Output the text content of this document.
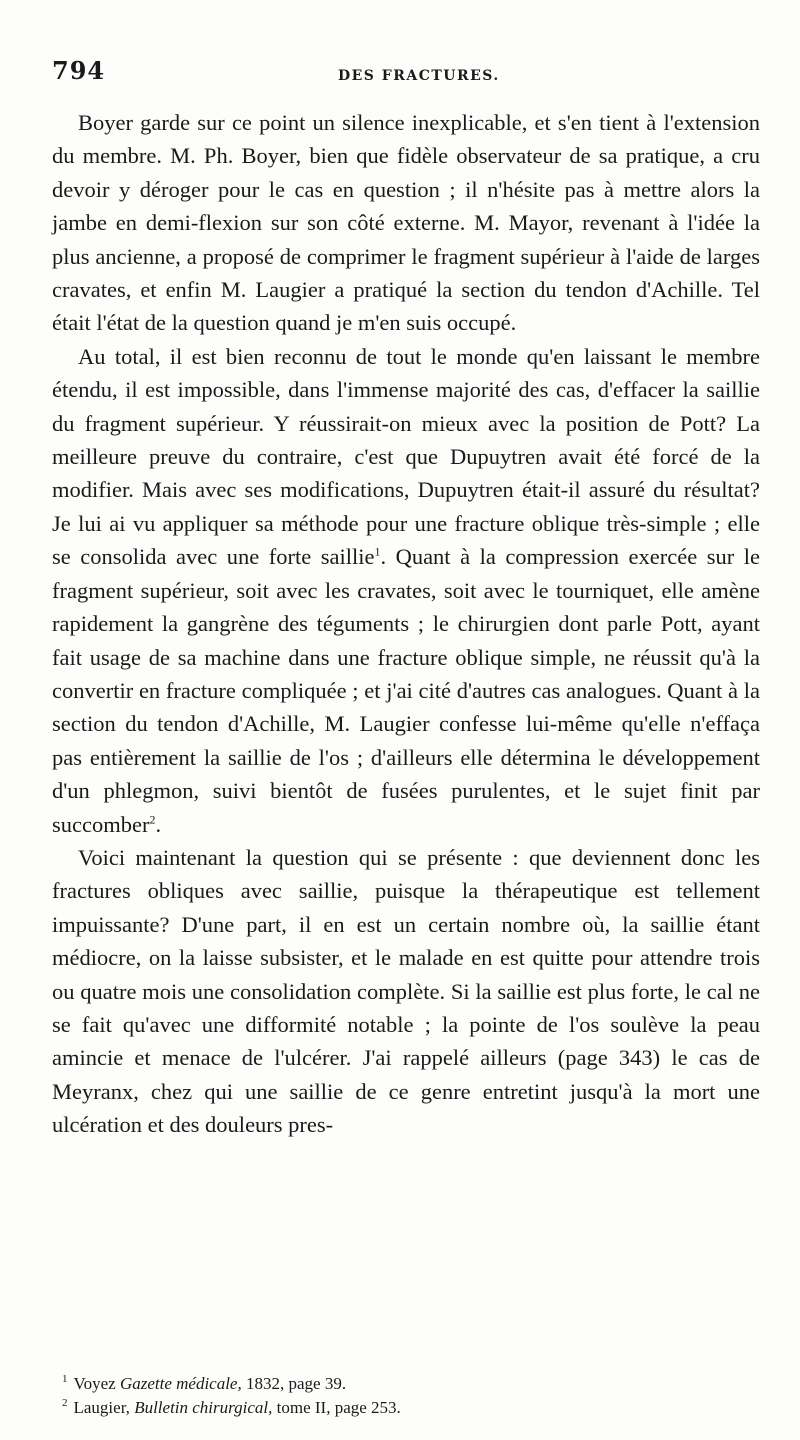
794	DES FRACTURES.

Boyer garde sur ce point un silence inexplicable, et s'en tient à l'extension du membre. M. Ph. Boyer, bien que fidèle observateur de sa pratique, a cru devoir y déroger pour le cas en question ; il n'hésite pas à mettre alors la jambe en demi-flexion sur son côté externe. M. Mayor, revenant à l'idée la plus ancienne, a proposé de comprimer le fragment supérieur à l'aide de larges cravates, et enfin M. Laugier a pratiqué la section du tendon d'Achille. Tel était l'état de la question quand je m'en suis occupé.

Au total, il est bien reconnu de tout le monde qu'en laissant le membre étendu, il est impossible, dans l'immense majorité des cas, d'effacer la saillie du fragment supérieur. Y réussirait-on mieux avec la position de Pott? La meilleure preuve du contraire, c'est que Dupuytren avait été forcé de la modifier. Mais avec ses modifications, Dupuytren était-il assuré du résultat? Je lui ai vu appliquer sa méthode pour une fracture oblique très-simple ; elle se consolida avec une forte saillie$^1$. Quant à la compression exercée sur le fragment supérieur, soit avec les cravates, soit avec le tourniquet, elle amène rapidement la gangrène des téguments ; le chirurgien dont parle Pott, ayant fait usage de sa machine dans une fracture oblique simple, ne réussit qu'à la convertir en fracture compliquée ; et j'ai cité d'autres cas analogues. Quant à la section du tendon d'Achille, M. Laugier confesse lui-même qu'elle n'effaça pas entièrement la saillie de l'os ; d'ailleurs elle détermina le développement d'un phlegmon, suivi bientôt de fusées purulentes, et le sujet finit par succomber$^2$.

Voici maintenant la question qui se présente : que deviennent donc les fractures obliques avec saillie, puisque la thérapeutique est tellement impuissante? D'une part, il en est un certain nombre où, la saillie étant médiocre, on la laisse subsister, et le malade en est quitte pour attendre trois ou quatre mois une consolidation complète. Si la saillie est plus forte, le cal ne se fait qu'avec une difformité notable ; la pointe de l'os soulève la peau amincie et menace de l'ulcérer. J'ai rappelé ailleurs (page 343) le cas de Meyranx, chez qui une saillie de ce genre entretint jusqu'à la mort une ulcération et des douleurs pres-

$^1$ Voyez Gazette médicale, 1832, page 39.

$^2$ Laugier, Bulletin chirurgical, tome II, page 253.
